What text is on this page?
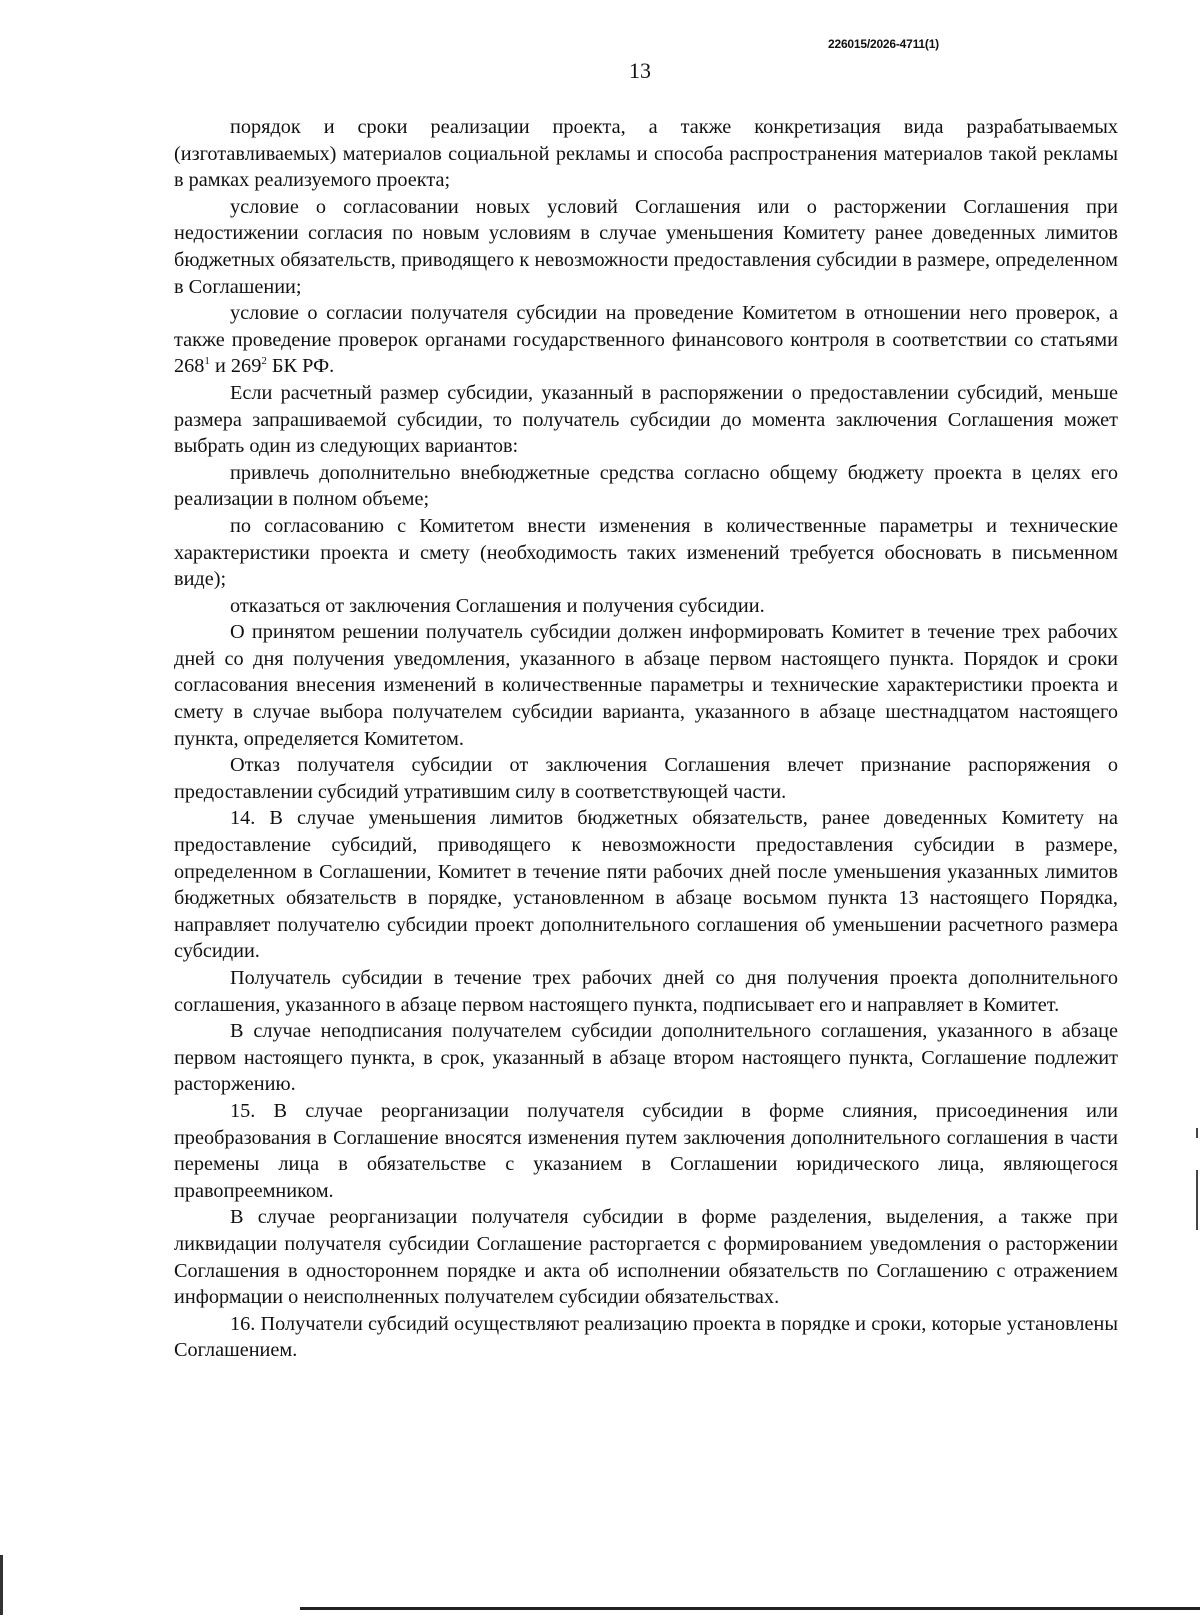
226015/2026-4711(1)
13

порядок и сроки реализации проекта, а также конкретизация вида разрабатываемых (изготавливаемых) материалов социальной рекламы и способа распространения материалов такой рекламы в рамках реализуемого проекта;

условие о согласовании новых условий Соглашения или о расторжении Соглашения при недостижении согласия по новым условиям в случае уменьшения Комитету ранее доведенных лимитов бюджетных обязательств, приводящего к невозможности предоставления субсидии в размере, определенном в Соглашении;

условие о согласии получателя субсидии на проведение Комитетом в отношении него проверок, а также проведение проверок органами государственного финансового контроля в соответствии со статьями $268^1$ и $269^2$ БК РФ.

Если расчетный размер субсидии, указанный в распоряжении о предоставлении субсидий, меньше размера запрашиваемой субсидии, то получатель субсидии до момента заключения Соглашения может выбрать один из следующих вариантов:

привлечь дополнительно внебюджетные средства согласно общему бюджету проекта в целях его реализации в полном объеме;

по согласованию с Комитетом внести изменения в количественные параметры и технические характеристики проекта и смету (необходимость таких изменений требуется обосновать в письменном виде);

отказаться от заключения Соглашения и получения субсидии.

О принятом решении получатель субсидии должен информировать Комитет в течение трех рабочих дней со дня получения уведомления, указанного в абзаце первом настоящего пункта. Порядок и сроки согласования внесения изменений в количественные параметры и технические характеристики проекта и смету в случае выбора получателем субсидии варианта, указанного в абзаце шестнадцатом настоящего пункта, определяется Комитетом.

Отказ получателя субсидии от заключения Соглашения влечет признание распоряжения о предоставлении субсидий утратившим силу в соответствующей части.

14. В случае уменьшения лимитов бюджетных обязательств, ранее доведенных Комитету на предоставление субсидий, приводящего к невозможности предоставления субсидии в размере, определенном в Соглашении, Комитет в течение пяти рабочих дней после уменьшения указанных лимитов бюджетных обязательств в порядке, установленном в абзаце восьмом пункта 13 настоящего Порядка, направляет получателю субсидии проект дополнительного соглашения об уменьшении расчетного размера субсидии.

Получатель субсидии в течение трех рабочих дней со дня получения проекта дополнительного соглашения, указанного в абзаце первом настоящего пункта, подписывает его и направляет в Комитет.

В случае неподписания получателем субсидии дополнительного соглашения, указанного в абзаце первом настоящего пункта, в срок, указанный в абзаце втором настоящего пункта, Соглашение подлежит расторжению.

15. В случае реорганизации получателя субсидии в форме слияния, присоединения или преобразования в Соглашение вносятся изменения путем заключения дополнительного соглашения в части перемены лица в обязательстве с указанием в Соглашении юридического лица, являющегося правопреемником.

В случае реорганизации получателя субсидии в форме разделения, выделения, а также при ликвидации получателя субсидии Соглашение расторгается с формированием уведомления о расторжении Соглашения в одностороннем порядке и акта об исполнении обязательств по Соглашению с отражением информации о неисполненных получателем субсидии обязательствах.

16. Получатели субсидий осуществляют реализацию проекта в порядке и сроки, которые установлены Соглашением.
